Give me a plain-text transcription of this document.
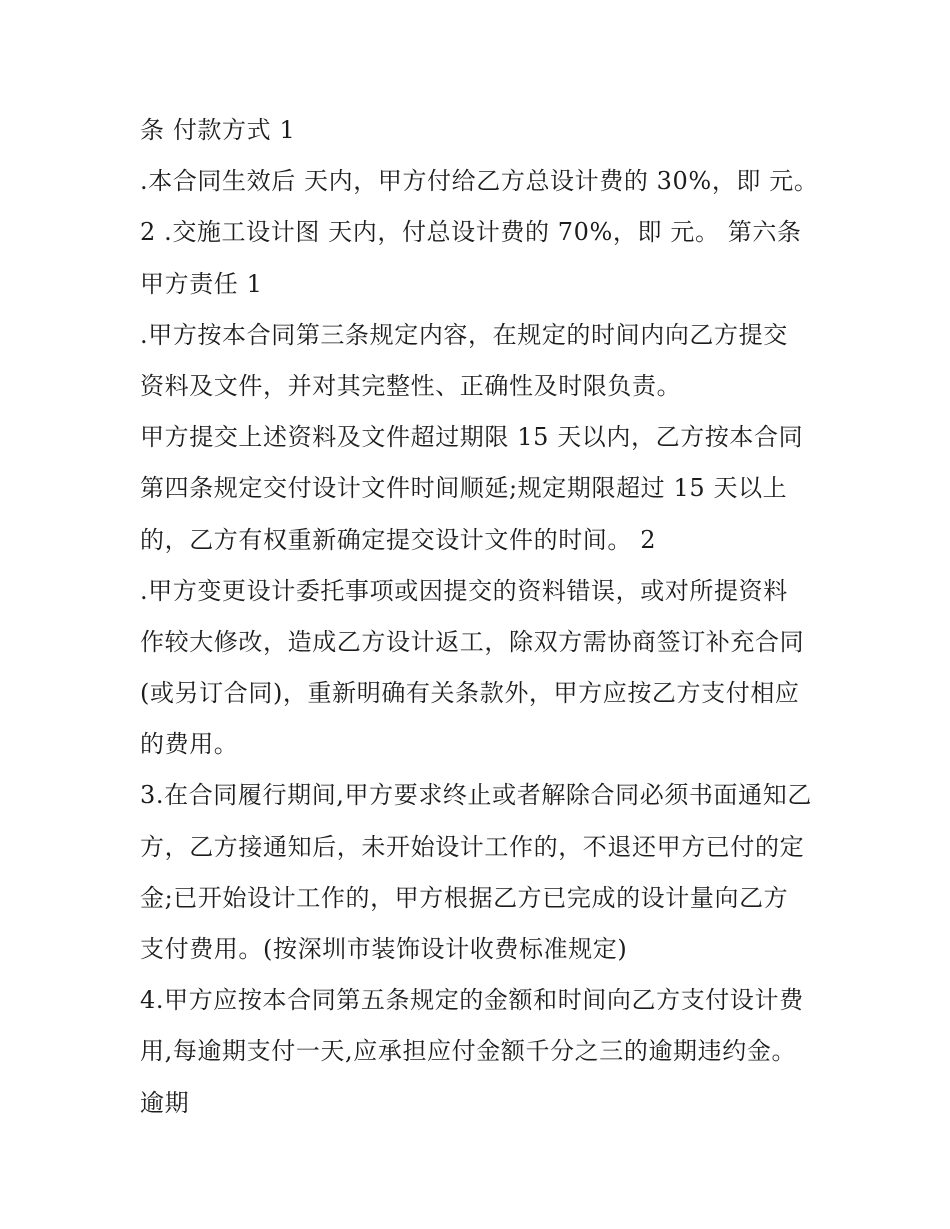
条 付款方式 1
.本合同生效后 天内，甲方付给乙方总设计费的 30%，即 元。
2 .交施工设计图 天内，付总设计费的 70%，即 元。 第六条
甲方责任 1
.甲方按本合同第三条规定内容，在规定的时间内向乙方提交
资料及文件，并对其完整性、正确性及时限负责。
甲方提交上述资料及文件超过期限 15 天以内，乙方按本合同
第四条规定交付设计文件时间顺延;规定期限超过 15 天以上
的，乙方有权重新确定提交设计文件的时间。 2
.甲方变更设计委托事项或因提交的资料错误，或对所提资料
作较大修改，造成乙方设计返工，除双方需协商签订补充合同
(或另订合同)，重新明确有关条款外，甲方应按乙方支付相应
的费用。
3.在合同履行期间,甲方要求终止或者解除合同必须书面通知乙
方，乙方接通知后，未开始设计工作的，不退还甲方已付的定
金;已开始设计工作的，甲方根据乙方已完成的设计量向乙方
支付费用。(按深圳市装饰设计收费标准规定)
4.甲方应按本合同第五条规定的金额和时间向乙方支付设计费
用,每逾期支付一天,应承担应付金额千分之三的逾期违约金。
逾期
